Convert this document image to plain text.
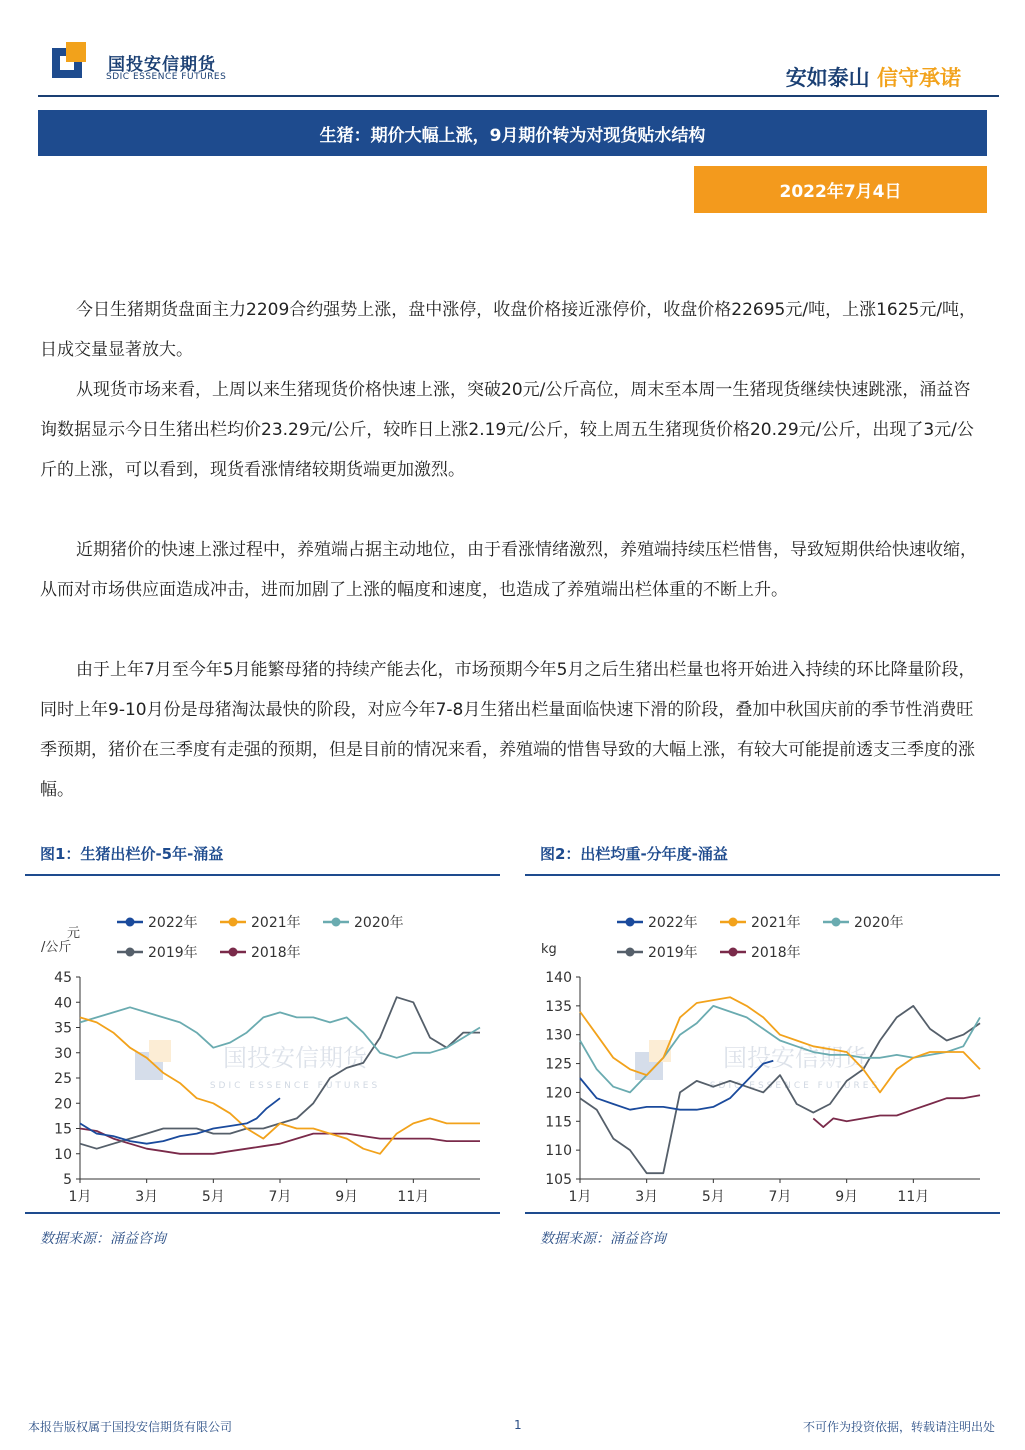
国投安信期货
SDIC ESSENCE FUTURES	安如泰山 信守承诺
生猪：期价大幅上涨，9月期价转为对现货贴水结构
2022年7月4日

今日生猪期货盘面主力2209合约强势上涨，盘中涨停，收盘价格接近涨停价，收盘价格22695元/吨，上涨1625元/吨，日成交量显著放大。

从现货市场来看，上周以来生猪现货价格快速上涨，突破20元/公斤高位，周末至本周一生猪现货继续快速跳涨，涌益咨询数据显示今日生猪出栏均价23.29元/公斤，较昨日上涨2.19元/公斤，较上周五生猪现货价格20.29元/公斤，出现了3元/公斤的上涨，可以看到，现货看涨情绪较期货端更加激烈。

近期猪价的快速上涨过程中，养殖端占据主动地位，由于看涨情绪激烈，养殖端持续压栏惜售，导致短期供给快速收缩，从而对市场供应面造成冲击，进而加剧了上涨的幅度和速度，也造成了养殖端出栏体重的不断上升。

由于上年7月至今年5月能繁母猪的持续产能去化，市场预期今年5月之后生猪出栏量也将开始进入持续的环比降量阶段，同时上年9-10月份是母猪淘汰最快的阶段，对应今年7-8月生猪出栏量面临快速下滑的阶段，叠加中秋国庆前的季节性消费旺季预期，猪价在三季度有走强的预期，但是目前的情况来看，养殖端的惜售导致的大幅上涨，有较大可能提前透支三季度的涨幅。

图1：生猪出栏价-5年-涌益
国投安信期货
SDIC ESSENCE FUTURES
2022年	2021年	2020年
2019年	2018年
元
/公斤
5
10
15
20
25
30
35
40
45
1月	3月	5月	7月	9月	11月
数据来源：涌益咨询
图2：出栏均重-分年度-涌益
国投安信期货
SDIC ESSENCE FUTURES
2022年	2021年	2020年
2019年	2018年
kg
105
110
115
120
125
130
135
140
1月	3月	5月	7月	9月	11月
数据来源：涌益咨询
本报告版权属于国投安信期货有限公司	1	不可作为投资依据，转载请注明出处
